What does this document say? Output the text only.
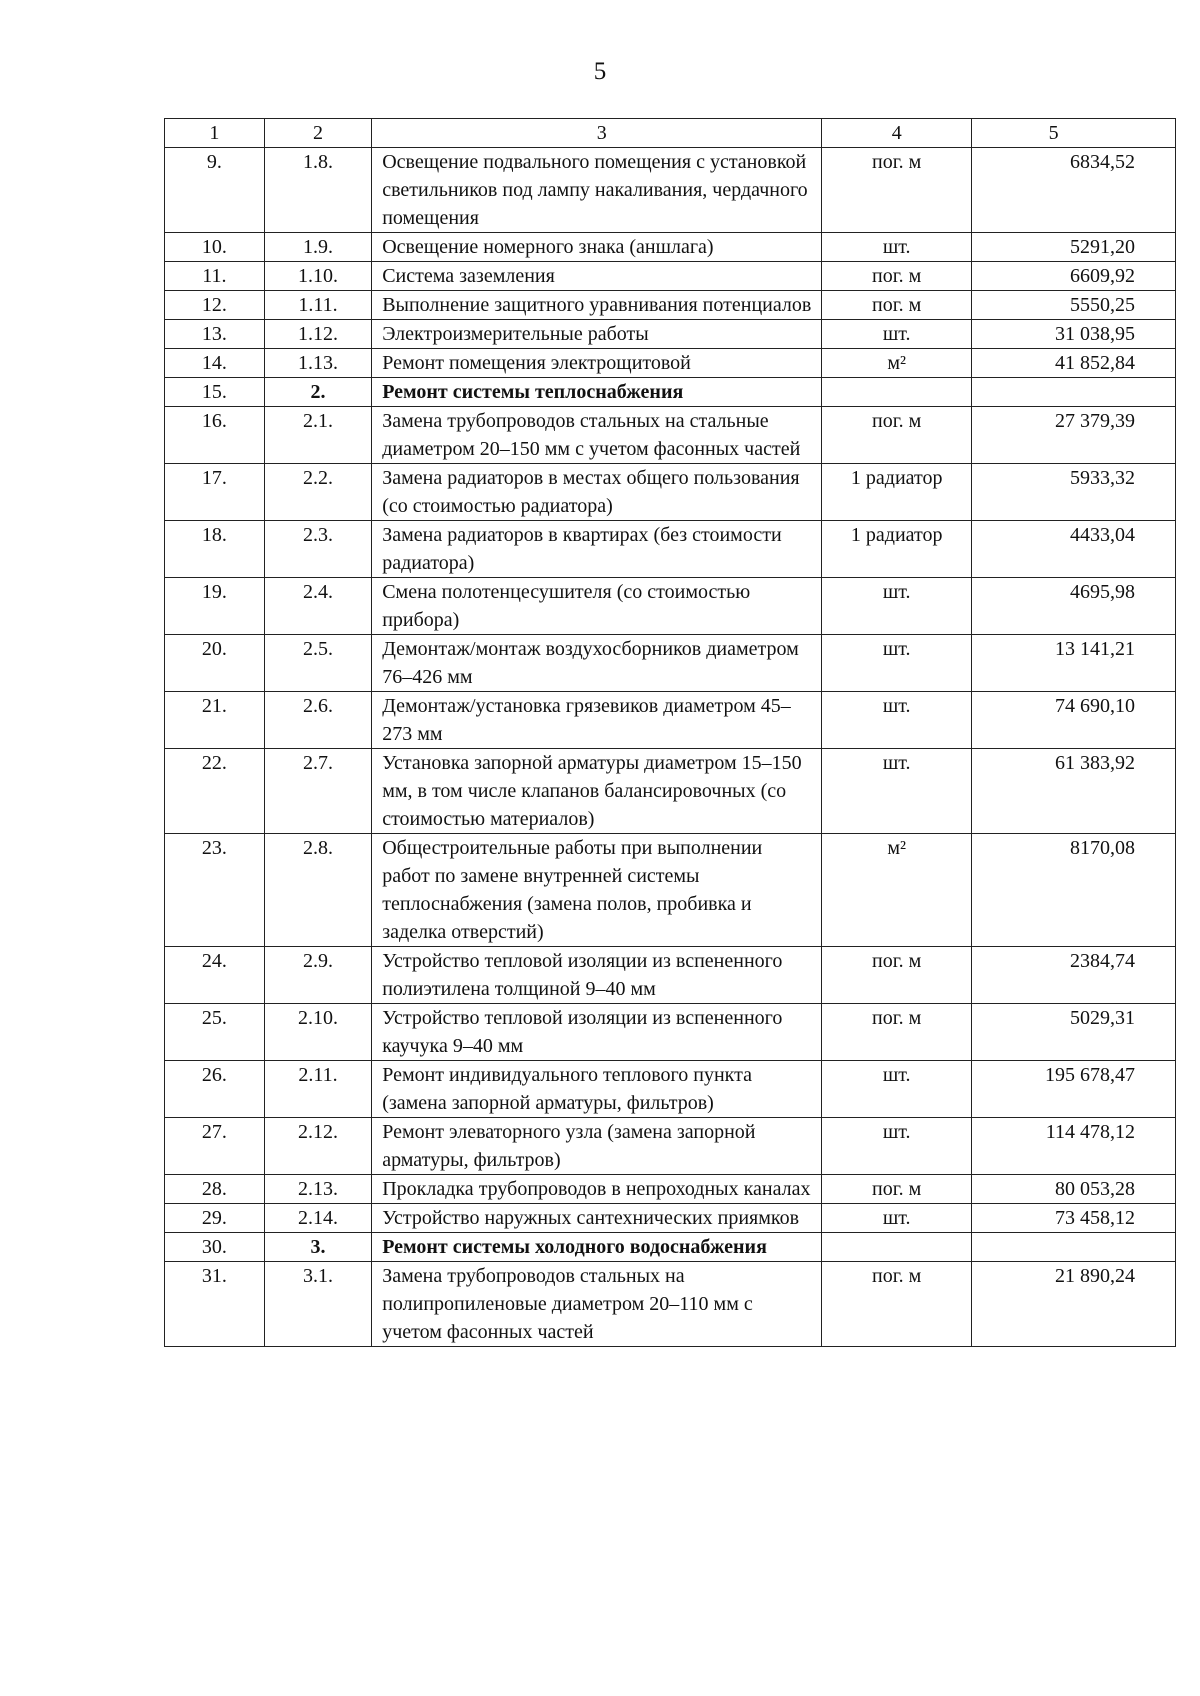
5
1	2	3	4	5
9.	1.8.	Освещение подвального помещения с установкой светильников под лампу накаливания, чердачного помещения	пог. м	6834,52
10.	1.9.	Освещение номерного знака (аншлага)	шт.	5291,20
11.	1.10.	Система заземления	пог. м	6609,92
12.	1.11.	Выполнение защитного уравнивания потенциалов	пог. м	5550,25
13.	1.12.	Электроизмерительные работы	шт.	31 038,95
14.	1.13.	Ремонт помещения электрощитовой	м²	41 852,84
15.	2.	Ремонт системы теплоснабжения		
16.	2.1.	Замена трубопроводов стальных на стальные диаметром 20–150 мм с учетом фасонных частей	пог. м	27 379,39
17.	2.2.	Замена радиаторов в местах общего пользования (со стоимостью радиатора)	1 радиатор	5933,32
18.	2.3.	Замена радиаторов в квартирах (без стоимости радиатора)	1 радиатор	4433,04
19.	2.4.	Смена полотенцесушителя (со стоимостью прибора)	шт.	4695,98
20.	2.5.	Демонтаж/монтаж воздухосборников диаметром 76–426 мм	шт.	13 141,21
21.	2.6.	Демонтаж/установка грязевиков диаметром 45–273 мм	шт.	74 690,10
22.	2.7.	Установка запорной арматуры диаметром 15–150 мм, в том числе клапанов балансировочных (со стоимостью материалов)	шт.	61 383,92
23.	2.8.	Общестроительные работы при выполнении работ по замене внутренней системы теплоснабжения (замена полов, пробивка и заделка отверстий)	м²	8170,08
24.	2.9.	Устройство тепловой изоляции из вспененного полиэтилена толщиной 9–40 мм	пог. м	2384,74
25.	2.10.	Устройство тепловой изоляции из вспененного каучука 9–40 мм	пог. м	5029,31
26.	2.11.	Ремонт индивидуального теплового пункта (замена запорной арматуры, фильтров)	шт.	195 678,47
27.	2.12.	Ремонт элеваторного узла (замена запорной арматуры, фильтров)	шт.	114 478,12
28.	2.13.	Прокладка трубопроводов в непроходных каналах	пог. м	80 053,28
29.	2.14.	Устройство наружных сантехнических приямков	шт.	73 458,12
30.	3.	Ремонт системы холодного водоснабжения		
31.	3.1.	Замена трубопроводов стальных на полипропиленовые диаметром 20–110 мм с учетом фасонных частей	пог. м	21 890,24
